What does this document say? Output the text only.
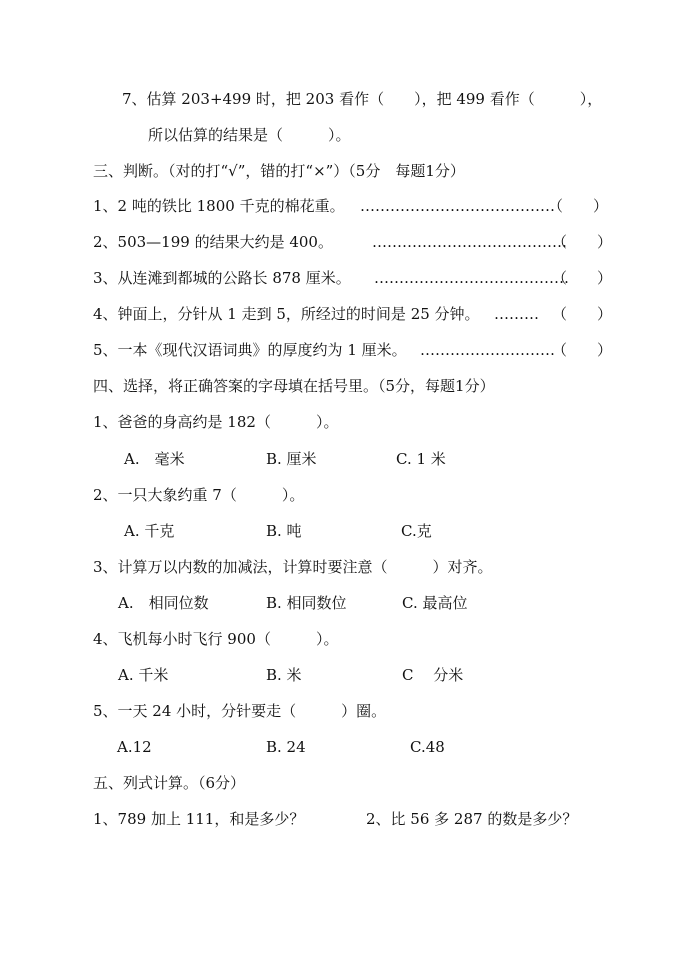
7、估算 203+499 时，把 203 看作（　　），把 499 看作（　　　），
所以估算的结果是（　　　）。
三、判断。（对的打“√”，错的打“×”）（5分　每题1分）
1、2 吨的铁比 1800 千克的棉花重。 …………………………………
（　　）
2、503—199 的结果大约是 400。	…………………………………
（　　）
3、从连滩到都城的公路长 878 厘米。 …………………………………
（　　）
4、钟面上，分针从 1 走到 5，所经过的时间是 25 分钟。 ……… （　　）
5、一本《现代汉语词典》的厚度约为 1 厘米。 ………………………
（　　）
四、选择，将正确答案的字母填在括号里。（5分，每题1分）
1、爸爸的身高约是 182（　　　）。
A.　毫米	B. 厘米	C. 1 米
2、一只大象约重 7（　　　）。
A. 千克	B. 吨	C.克
3、计算万以内数的加减法，计算时要注意（　　　）对齐。
A.　相同位数	B. 相同数位	C. 最高位
4、飞机每小时飞行 900（　　　）。
A. 千米	B. 米	C　 分米
5、一天 24 小时，分针要走（　　　）圈。
A.12	B. 24	C.48
五、列式计算。（6分）
1、789 加上 111，和是多少？	2、比 56 多 287 的数是多少？
